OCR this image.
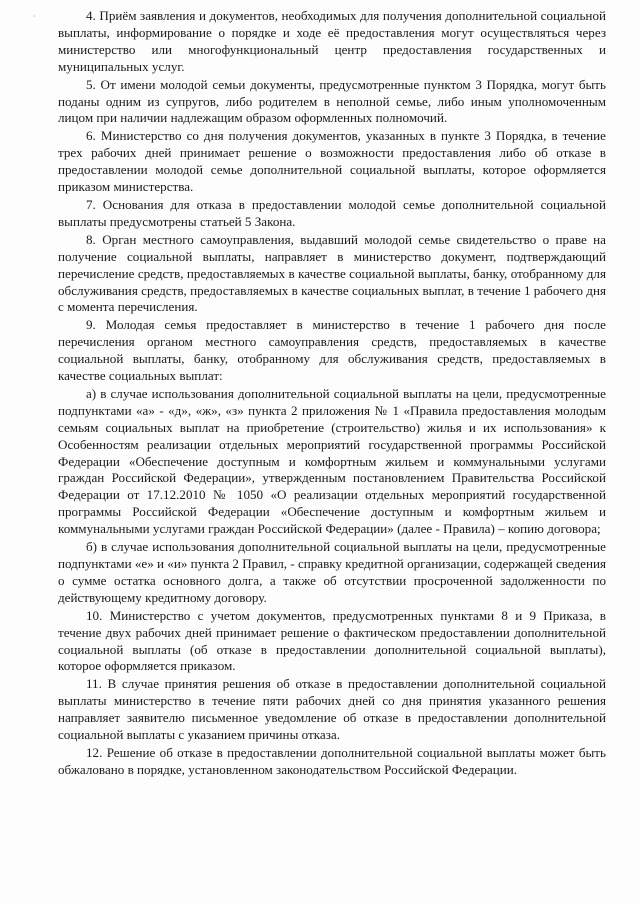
·	4. Приём заявления и документов, необходимых для получения дополнительной социальной выплаты, информирование о порядке и ходе её предоставления могут осуществляться через министерство или многофункциональный центр предоставления государственных и муниципальных услуг.

5. От имени молодой семьи документы, предусмотренные пунктом 3 Порядка, могут быть поданы одним из супругов, либо родителем в неполной семье, либо иным уполномоченным лицом при наличии надлежащим образом оформленных полномочий.

6. Министерство со дня получения документов, указанных в пункте 3 Порядка, в течение трех рабочих дней принимает решение о возможности предоставления либо об отказе в предоставлении молодой семье дополнительной социальной выплаты, которое оформляется приказом министерства.

7. Основания для отказа в предоставлении молодой семье дополнительной социальной выплаты предусмотрены статьей 5 Закона.

8. Орган местного самоуправления, выдавший молодой семье свидетельство о праве на получение социальной выплаты, направляет в министерство документ, подтверждающий перечисление средств, предоставляемых в качестве социальной выплаты, банку, отобранному для обслуживания средств, предоставляемых в качестве социальных выплат, в течение 1 рабочего дня с момента перечисления.

9. Молодая семья предоставляет в министерство в течение 1 рабочего дня после перечисления органом местного самоуправления средств, предоставляемых в качестве социальной выплаты, банку, отобранному для обслуживания средств, предоставляемых в качестве социальных выплат:

а) в случае использования дополнительной социальной выплаты на цели, предусмотренные подпунктами «а» - «д», «ж», «з» пункта 2 приложения № 1 «Правила предоставления молодым семьям социальных выплат на приобретение (строительство) жилья и их использования» к Особенностям реализации отдельных мероприятий государственной программы Российской Федерации «Обеспечение доступным и комфортным жильем и коммунальными услугами граждан Российской Федерации», утвержденным постановлением Правительства Российской Федерации от 17.12.2010 № 1050 «О реализации отдельных мероприятий государственной программы Российской Федерации «Обеспечение доступным и комфортным жильем и коммунальными услугами граждан Российской Федерации» (далее - Правила) – копию договора;

б) в случае использования дополнительной социальной выплаты на цели, предусмотренные подпунктами «е» и «и» пункта 2 Правил, - справку кредитной организации, содержащей сведения о сумме остатка основного долга, а также об отсутствии просроченной задолженности по действующему кредитному договору.

10. Министерство с учетом документов, предусмотренных пунктами 8 и 9 Приказа, в течение двух рабочих дней принимает решение о фактическом предоставлении дополнительной социальной выплаты (об отказе в предоставлении дополнительной социальной выплаты), которое оформляется приказом.

11. В случае принятия решения об отказе в предоставлении дополнительной социальной выплаты министерство в течение пяти рабочих дней со дня принятия указанного решения направляет заявителю письменное уведомление об отказе в предоставлении дополнительной социальной выплаты с указанием причины отказа.

12. Решение об отказе в предоставлении дополнительной социальной выплаты может быть обжаловано в порядке, установленном законодательством Российской Федерации.
